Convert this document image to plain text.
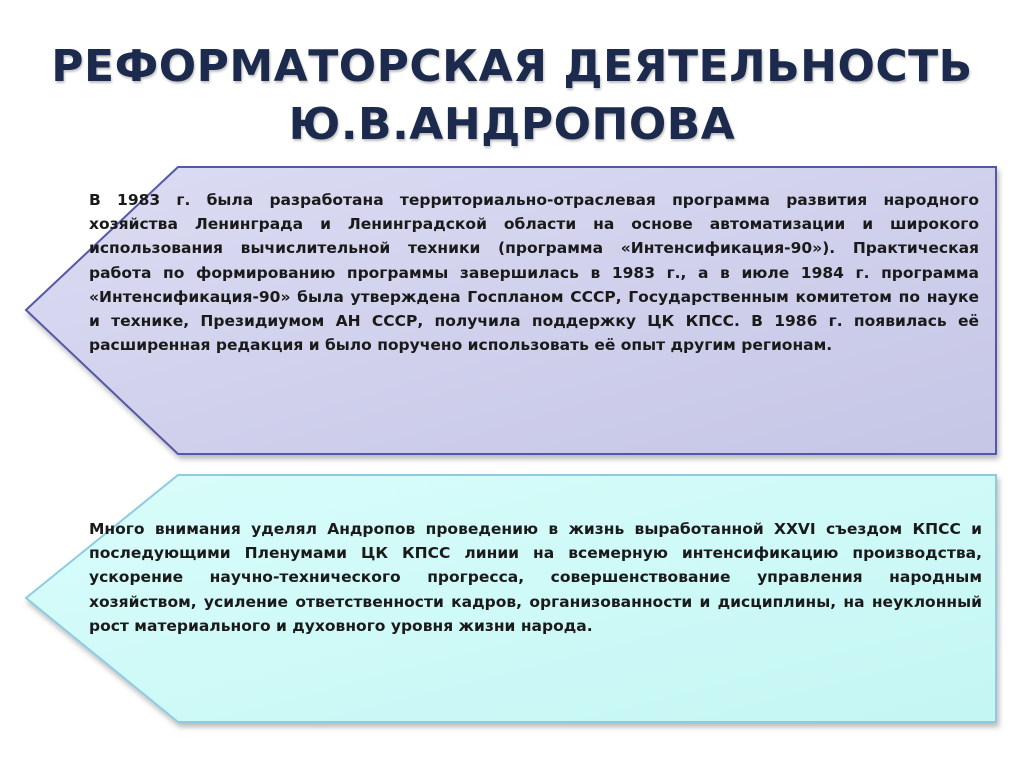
РЕФОРМАТОРСКАЯ ДЕЯТЕЛЬНОСТЬ
Ю.В.АНДРОПОВА

В 1983 г. была разработана территориально-отраслевая программа развития народного хозяйства Ленинграда и Ленинградской области на основе автоматизации и широкого использования вычислительной техники (программа «Интенсификация-90»). Практическая работа по формированию программы завершилась в 1983 г., а в июле 1984 г. программа «Интенсификация-90» была утверждена Госпланом СССР, Государственным комитетом по науке и технике, Президиумом АН СССР, получила поддержку ЦК КПСС. В 1986 г. появилась её расширенная редакция и было поручено использовать её опыт другим регионам.

Много внимания уделял Андропов проведению в жизнь выработанной XXVI съездом КПСС и последующими Пленумами ЦК КПСС линии на всемерную интенсификацию производства, ускорение научно-технического прогресса, совершенствование управления народным хозяйством, усиление ответственности кадров, организованности и дисциплины, на неуклонный рост материального и духовного уровня жизни народа.
